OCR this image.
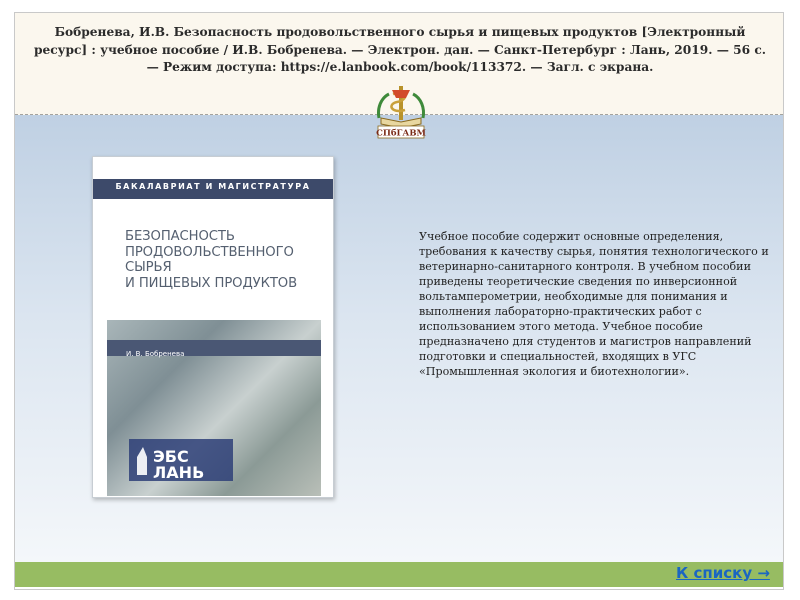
Бобренева, И.В. Безопасность продовольственного сырья и пищевых продуктов [Электронный ресурс] : учебное пособие / И.В. Бобренева. — Электрон. дан. — Санкт-Петербург : Лань, 2019. — 56 с. — Режим доступа: https://e.lanbook.com/book/113372. — Загл. с экрана.
СПбГАВМ
БАКАЛАВРИАТ И МАГИСТРАТУРА
БЕЗОПАСНОСТЬ
ПРОДОВОЛЬСТВЕННОГО
СЫРЬЯ
И ПИЩЕВЫХ ПРОДУКТОВ
И. В. Бобренева
ЭБС
ЛАНЬ
Учебное пособие содержит основные определения, требования к качеству сырья, понятия технологического и ветеринарно-санитарного контроля. В учебном пособии приведены теоретические сведения по инверсионной вольтамперометрии, необходимые для понимания и выполнения лабораторно-практических работ с использованием этого метода. Учебное пособие предназначено для студентов и магистров направлений подготовки и специальностей, входящих в УГС «Промышленная экология и биотехнологии».
К списку →
